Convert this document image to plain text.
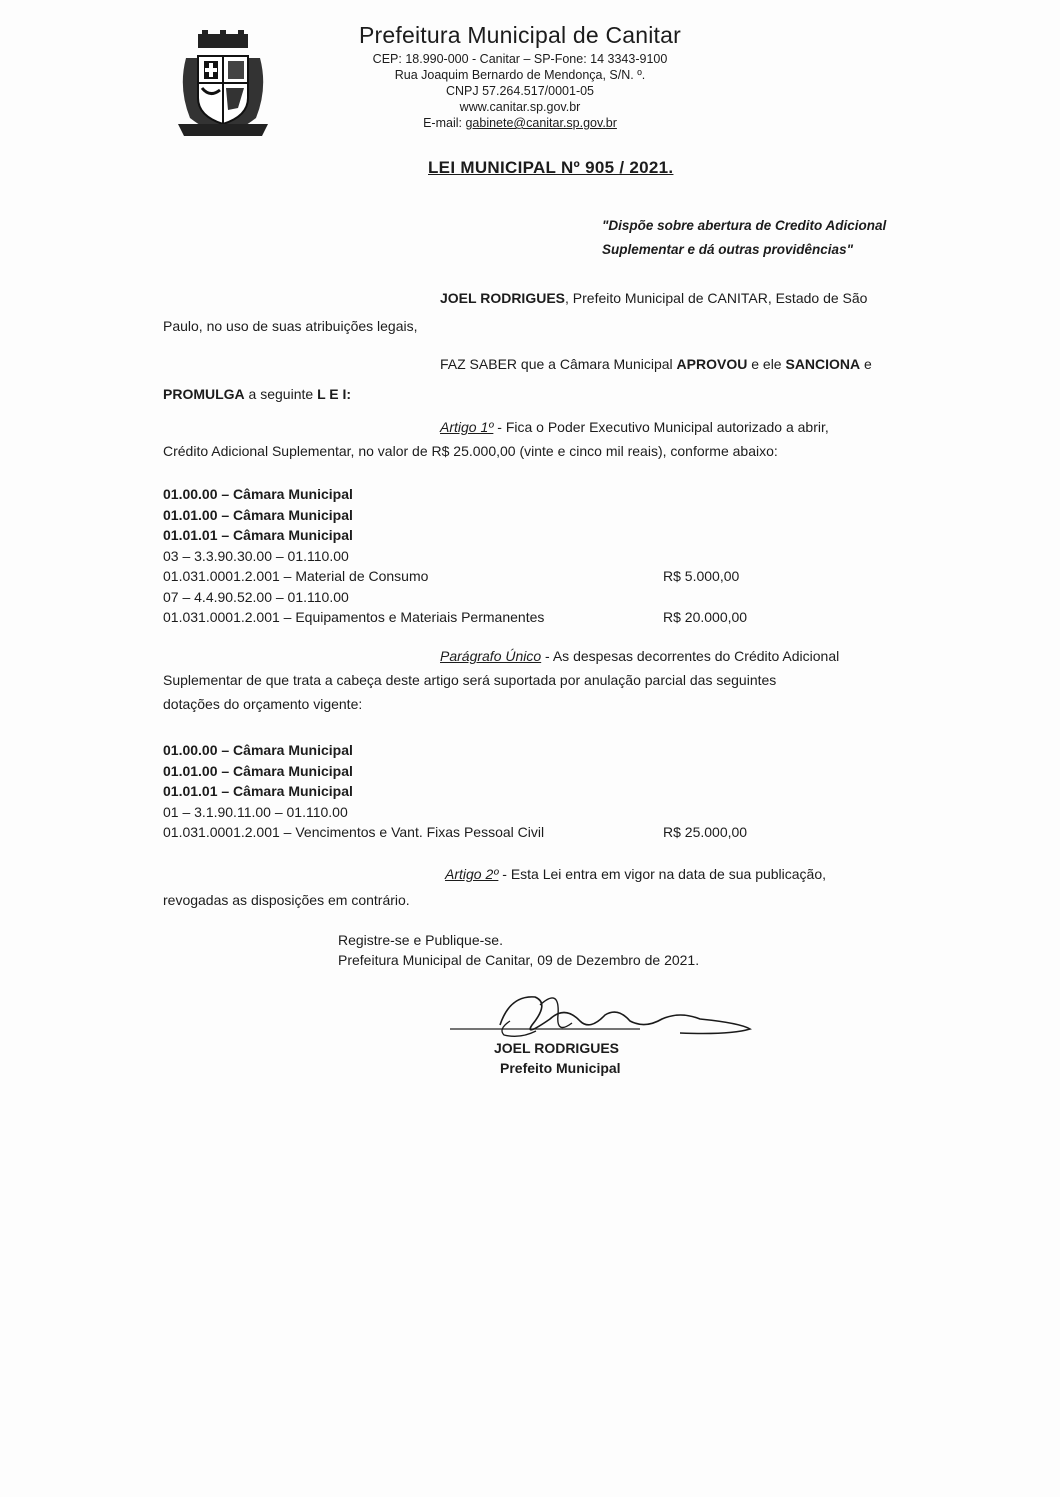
Prefeitura Municipal de Canitar
CEP: 18.990-000 - Canitar – SP-Fone: 14 3343-9100
Rua Joaquim Bernardo de Mendonça, S/N. º.
CNPJ 57.264.517/0001-05
www.canitar.sp.gov.br
E-mail: gabinete@canitar.sp.gov.br
LEI MUNICIPAL Nº 905 / 2021.
"Dispõe sobre abertura de Credito Adicional
Suplementar e dá outras providências"
JOEL RODRIGUES, Prefeito Municipal de CANITAR, Estado de São
Paulo, no uso de suas atribuições legais,
FAZ SABER que a Câmara Municipal APROVOU e ele SANCIONA e
PROMULGA a seguinte L E I:
Artigo 1º - Fica o Poder Executivo Municipal autorizado a abrir,
Crédito Adicional Suplementar, no valor de R$ 25.000,00 (vinte e cinco mil reais), conforme abaixo:
01.00.00 – Câmara Municipal
01.01.00 – Câmara Municipal
01.01.01 – Câmara Municipal
03 – 3.3.90.30.00 – 01.110.00
01.031.0001.2.001 – Material de Consumo	R$ 5.000,00
07 – 4.4.90.52.00 – 01.110.00
01.031.0001.2.001 – Equipamentos e Materiais Permanentes	R$ 20.000,00
Parágrafo Único - As despesas decorrentes do Crédito Adicional
Suplementar de que trata a cabeça deste artigo será suportada por anulação parcial das seguintes
dotações do orçamento vigente:
01.00.00 – Câmara Municipal
01.01.00 – Câmara Municipal
01.01.01 – Câmara Municipal
01 – 3.1.90.11.00 – 01.110.00
01.031.0001.2.001 – Vencimentos e Vant. Fixas Pessoal Civil	R$ 25.000,00
Artigo 2º - Esta Lei entra em vigor na data de sua publicação,
revogadas as disposições em contrário.
Registre-se e Publique-se.
Prefeitura Municipal de Canitar, 09 de Dezembro de 2021.
JOEL RODRIGUES
Prefeito Municipal
